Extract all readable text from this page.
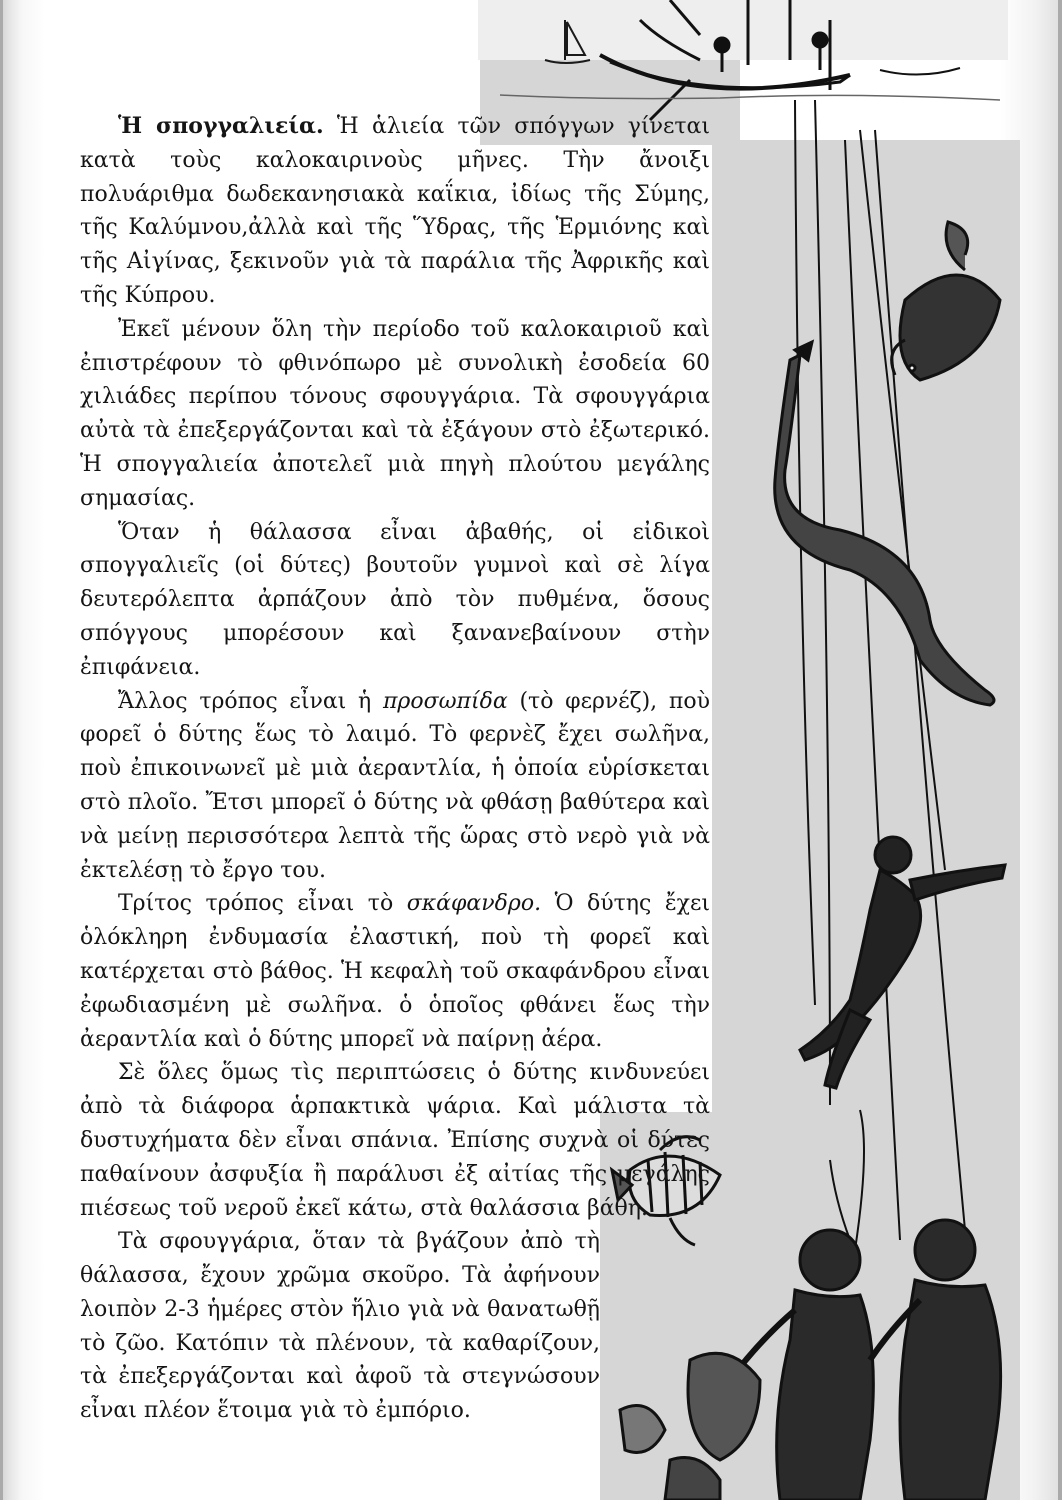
Ἡ σπογγαλιεία. Ἡ ἁλιεία τῶν σπόγγων γίνεται κατὰ τοὺς καλοκαιρινοὺς μῆνες. Τὴν ἄνοιξι πολυάριθμα δωδεκανησιακὰ καΐκια, ἰδίως τῆς Σύμης, τῆς Καλύμνου,ἀλλὰ καὶ τῆς Ὕδρας, τῆς Ἑρμιόνης καὶ τῆς Αἰγίνας, ξεκινοῦν γιὰ τὰ παράλια τῆς Ἀφρικῆς καὶ τῆς Κύπρου.

Ἐκεῖ μένουν ὅλη τὴν περίοδο τοῦ καλοκαιριοῦ καὶ ἐπιστρέφουν τὸ φθινόπωρο μὲ συνολικὴ ἐσοδεία 60 χιλιάδες περίπου τόνους σφουγγάρια. Τὰ σφουγγάρια αὐτὰ τὰ ἐπεξεργάζονται καὶ τὰ ἐξάγουν στὸ ἐξωτερικό. Ἡ σπογγαλιεία ἀποτελεῖ μιὰ πηγὴ πλούτου μεγάλης σημασίας.

Ὅταν ἡ θάλασσα εἶναι ἀβαθής, οἱ εἰδικοὶ σπογγαλιεῖς (οἱ δύτες) βουτοῦν γυμνοὶ καὶ σὲ λίγα δευτερόλεπτα ἀρπάζουν ἀπὸ τὸν πυθμένα, ὅσους σπόγγους μπορέσουν καὶ ξανανεβαίνουν στὴν ἐπιφάνεια.

Ἄλλος τρόπος εἶναι ἡ προσωπίδα (τὸ φερνέζ), ποὺ φορεῖ ὁ δύτης ἕως τὸ λαιμό. Τὸ φερνὲζ ἔχει σωλῆνα, ποὺ ἐπικοινωνεῖ μὲ μιὰ ἀεραντλία, ἡ ὁποία εὑρίσκεται στὸ πλοῖο. Ἔτσι μπορεῖ ὁ δύτης νὰ φθάσῃ βαθύτερα καὶ νὰ μείνῃ περισσότερα λεπτὰ τῆς ὥρας στὸ νερὸ γιὰ νὰ ἐκτελέσῃ τὸ ἔργο του.

Τρίτος τρόπος εἶναι τὸ σκάφανδρο. Ὁ δύτης ἔχει ὁλόκληρη ἐνδυμασία ἐλαστική, ποὺ τὴ φορεῖ καὶ κατέρχεται στὸ βάθος. Ἡ κεφαλὴ τοῦ σκαφάνδρου εἶναι ἐφωδιασμένη μὲ σωλῆνα. ὁ ὁποῖος φθάνει ἕως τὴν ἀεραντλία καὶ ὁ δύτης μπορεῖ νὰ παίρνῃ ἀέρα.

Σὲ ὅλες ὅμως τὶς περιπτώσεις ὁ δύτης κινδυνεύει ἀπὸ τὰ διάφορα ἁρπακτικὰ ψάρια. Καὶ μάλιστα τὰ δυστυχήματα δὲν εἶναι σπάνια. Ἐπίσης συχνὰ οἱ δύτες παθαίνουν ἀσφυξία ἢ παράλυσι ἐξ αἰτίας τῆς μεγάλης πιέσεως τοῦ νεροῦ ἐκεῖ κάτω, στὰ θαλάσσια βάθη.

Τὰ σφουγγάρια, ὅταν τὰ βγάζουν ἀπὸ τὴ θάλασσα, ἔχουν χρῶμα σκοῦρο. Τὰ ἀφήνουν λοιπὸν 2-3 ἡμέρες στὸν ἥλιο γιὰ νὰ θανατωθῇ τὸ ζῶο. Κατόπιν τὰ πλένουν, τὰ καθαρίζουν, τὰ ἐπεξεργάζονται καὶ ἀφοῦ τὰ στεγνώσουν εἶναι πλέον ἕτοιμα γιὰ τὸ ἐμπόριο.
